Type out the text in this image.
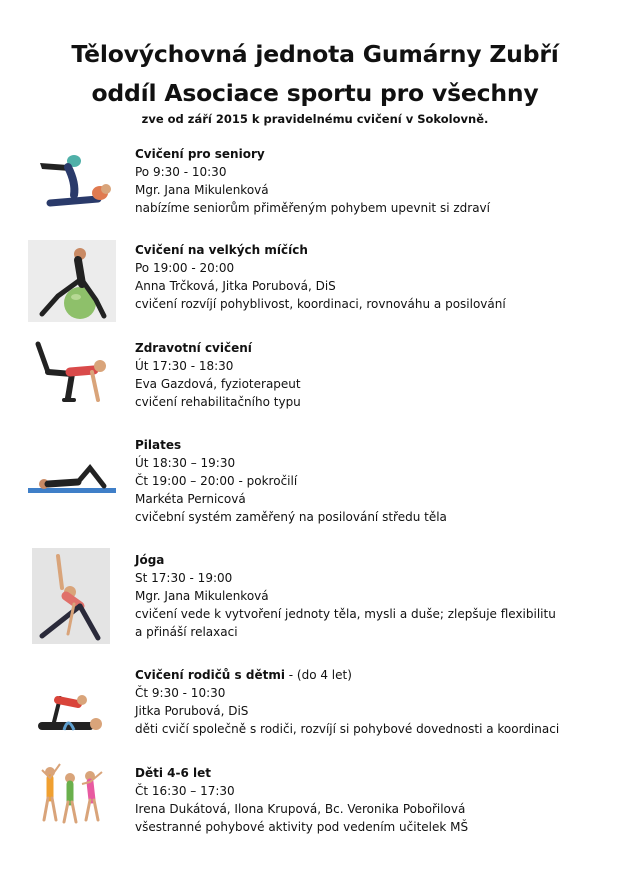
Tělovýchovná jednota Gumárny Zubří
oddíl Asociace sportu pro všechny
zve od září 2015 k pravidelnému cvičení v Sokolovně.
Cvičení pro seniory
Po 9:30 - 10:30
Mgr. Jana Mikulenková
nabízíme seniorům přiměřeným pohybem upevnit si zdraví
Cvičení na velkých míčích
Po 19:00 - 20:00
Anna Trčková, Jitka Porubová, DiS
cvičení rozvíjí pohyblivost, koordinaci, rovnováhu a posilování
Zdravotní cvičení
Út 17:30 - 18:30
Eva Gazdová, fyzioterapeut
cvičení rehabilitačního typu
Pilates
Út 18:30 – 19:30
Čt 19:00 – 20:00 - pokročilí
Markéta Pernicová
cvičební systém zaměřený na posilování středu těla
Jóga
St 17:30 - 19:00
Mgr. Jana Mikulenková
cvičení vede k vytvoření jednoty těla, mysli a duše; zlepšuje flexibilitu
a přináší relaxaci
Cvičení rodičů s dětmi - (do 4 let)
Čt 9:30 - 10:30
Jitka Porubová, DiS
děti cvičí společně s rodiči, rozvíjí si pohybové dovednosti a koordinaci
Děti 4-6 let
Čt 16:30 – 17:30
Irena Dukátová, Ilona Krupová, Bc. Veronika Pobořilová
všestranné pohybové aktivity pod vedením učitelek MŠ
